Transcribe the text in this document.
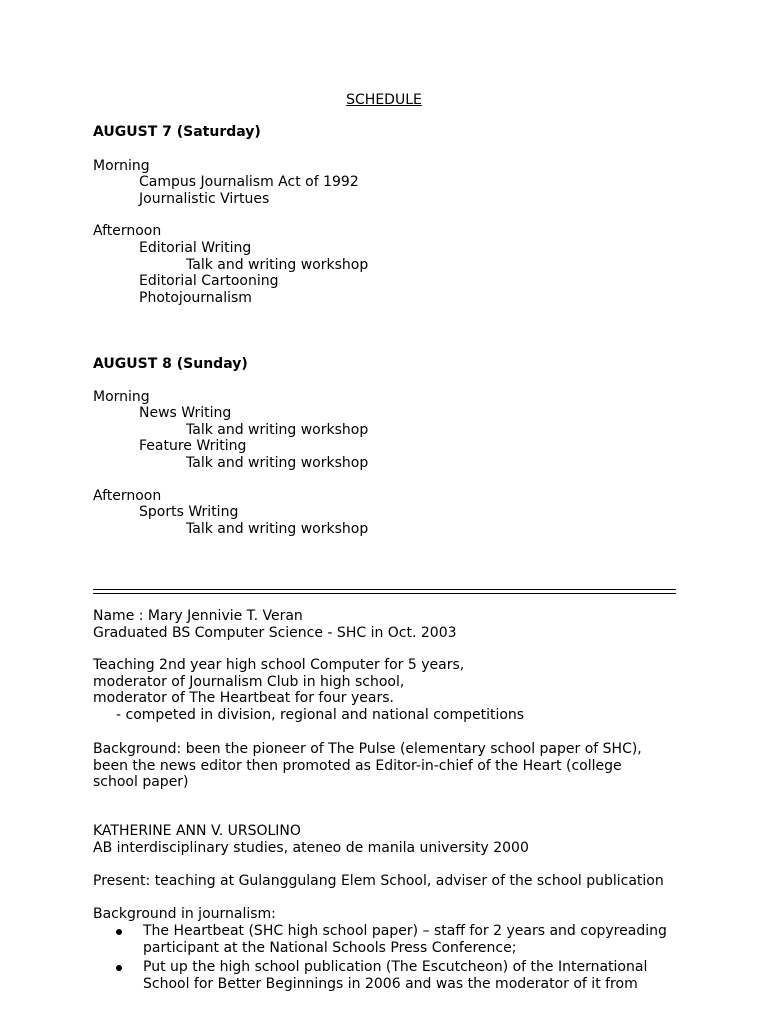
SCHEDULE
AUGUST 7 (Saturday)
Morning
Campus Journalism Act of 1992
Journalistic Virtues
Afternoon
Editorial Writing
Talk and writing workshop
Editorial Cartooning
Photojournalism
AUGUST 8 (Sunday)
Morning
News Writing
Talk and writing workshop
Feature Writing
Talk and writing workshop
Afternoon
Sports Writing
Talk and writing workshop
Name : Mary Jennivie T. Veran
Graduated BS Computer Science - SHC in Oct. 2003
Teaching 2nd year high school Computer for 5 years,
moderator of Journalism Club in high school,
moderator of The Heartbeat for four years.
- competed in division, regional and national competitions
Background: been the pioneer of The Pulse (elementary school paper of SHC),
been the news editor then promoted as Editor-in-chief of the Heart (college
school paper)
KATHERINE ANN V. URSOLINO
AB interdisciplinary studies, ateneo de manila university 2000
Present: teaching at Gulanggulang Elem School, adviser of the school publication
Background in journalism:
The Heartbeat (SHC high school paper) – staff for 2 years and copyreading
participant at the National Schools Press Conference;
Put up the high school publication (The Escutcheon) of the International
School for Better Beginnings in 2006 and was the moderator of it from
